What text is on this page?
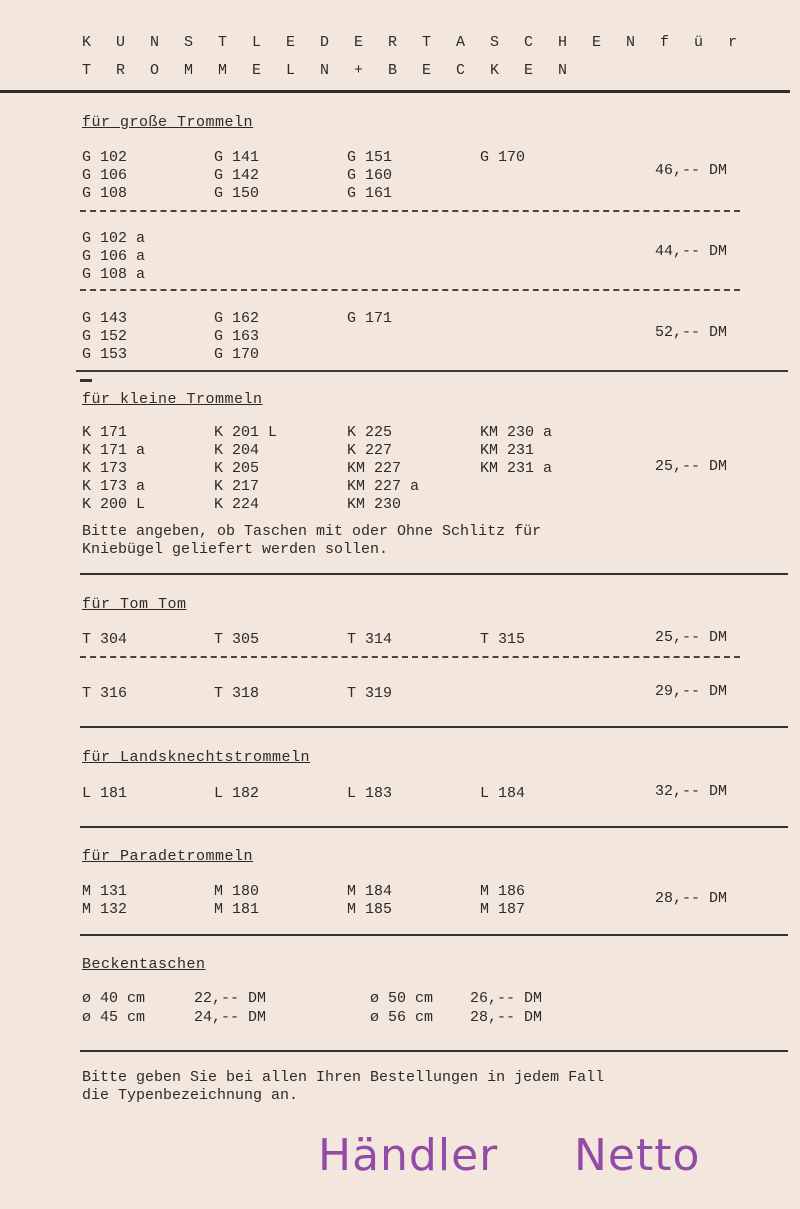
K U N S T L E D E R T A S C H E N f ü r
T R O M M E L N + B E C K E N
für große Trommeln
G 102	G 141	G 151	G 170
G 106	G 142	G 160
G 108	G 150	G 161
46,-- DM
G 102 a
G 106 a
G 108 a
44,-- DM
G 143	G 162	G 171
G 152	G 163
G 153	G 170
52,-- DM
für kleine Trommeln
K 171	K 201 L	K 225	KM 230 a
K 171 a	K 204	K 227	KM 231
K 173	K 205	KM 227	KM 231 a
K 173 a	K 217	KM 227 a
K 200 L	K 224	KM 230
25,-- DM
Bitte angeben, ob Taschen mit oder Ohne Schlitz für
Kniebügel geliefert werden sollen.
für Tom Tom
T 304	T 305	T 314	T 315	25,-- DM
T 316	T 318	T 319	29,-- DM
für Landsknechtstrommeln
L 181	L 182	L 183	L 184	32,-- DM
für Paradetrommeln
M 131	M 180	M 184	M 186
M 132	M 181	M 185	M 187
28,-- DM
Beckentaschen
ø 40 cm	22,-- DM	ø 50 cm 26,-- DM
ø 45 cm	24,-- DM	ø 56 cm 28,-- DM
Bitte geben Sie bei allen Ihren Bestellungen in jedem Fall
die Typenbezeichnung an.
Händler Netto
